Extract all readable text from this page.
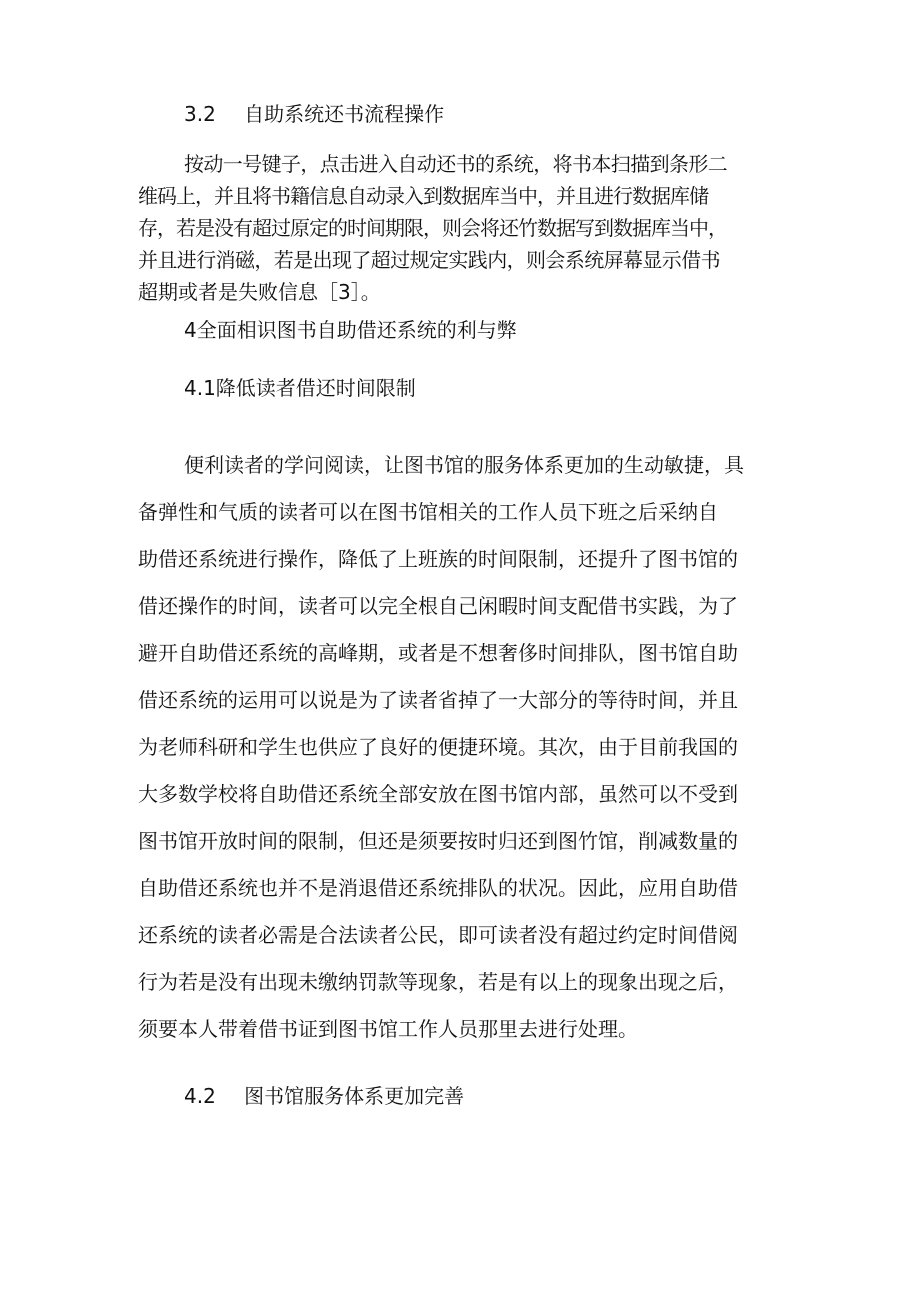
3.2 自助系统还书流程操作
按动一号键子，点击进入自动还书的系统，将书本扫描到条形二
维码上，并且将书籍信息自动录入到数据库当中，并且进行数据库储
存，若是没有超过原定的时间期限，则会将还竹数据写到数据库当中，
并且进行消磁，若是出现了超过规定实践内，则会系统屏幕显示借书
超期或者是失败信息［3］。
4全面相识图书自助借还系统的利与弊
4.1降低读者借还时间限制
便利读者的学问阅读，让图书馆的服务体系更加的生动敏捷，具
备弹性和气质的读者可以在图书馆相关的工作人员下班之后采纳自
助借还系统进行操作，降低了上班族的时间限制，还提升了图书馆的
借还操作的时间，读者可以完全根自己闲暇时间支配借书实践，为了
避开自助借还系统的高峰期，或者是不想奢侈时间排队，图书馆自助
借还系统的运用可以说是为了读者省掉了一大部分的等待时间，并且
为老师科研和学生也供应了良好的便捷环境。其次，由于目前我国的
大多数学校将自助借还系统全部安放在图书馆内部，虽然可以不受到
图书馆开放时间的限制，但还是须要按时归还到图竹馆，削减数量的
自助借还系统也并不是消退借还系统排队的状况。因此，应用自助借
还系统的读者必需是合法读者公民，即可读者没有超过约定时间借阅
行为若是没有出现未缴纳罚款等现象，若是有以上的现象出现之后，
须要本人带着借书证到图书馆工作人员那里去进行处理。
4.2 图书馆服务体系更加完善
